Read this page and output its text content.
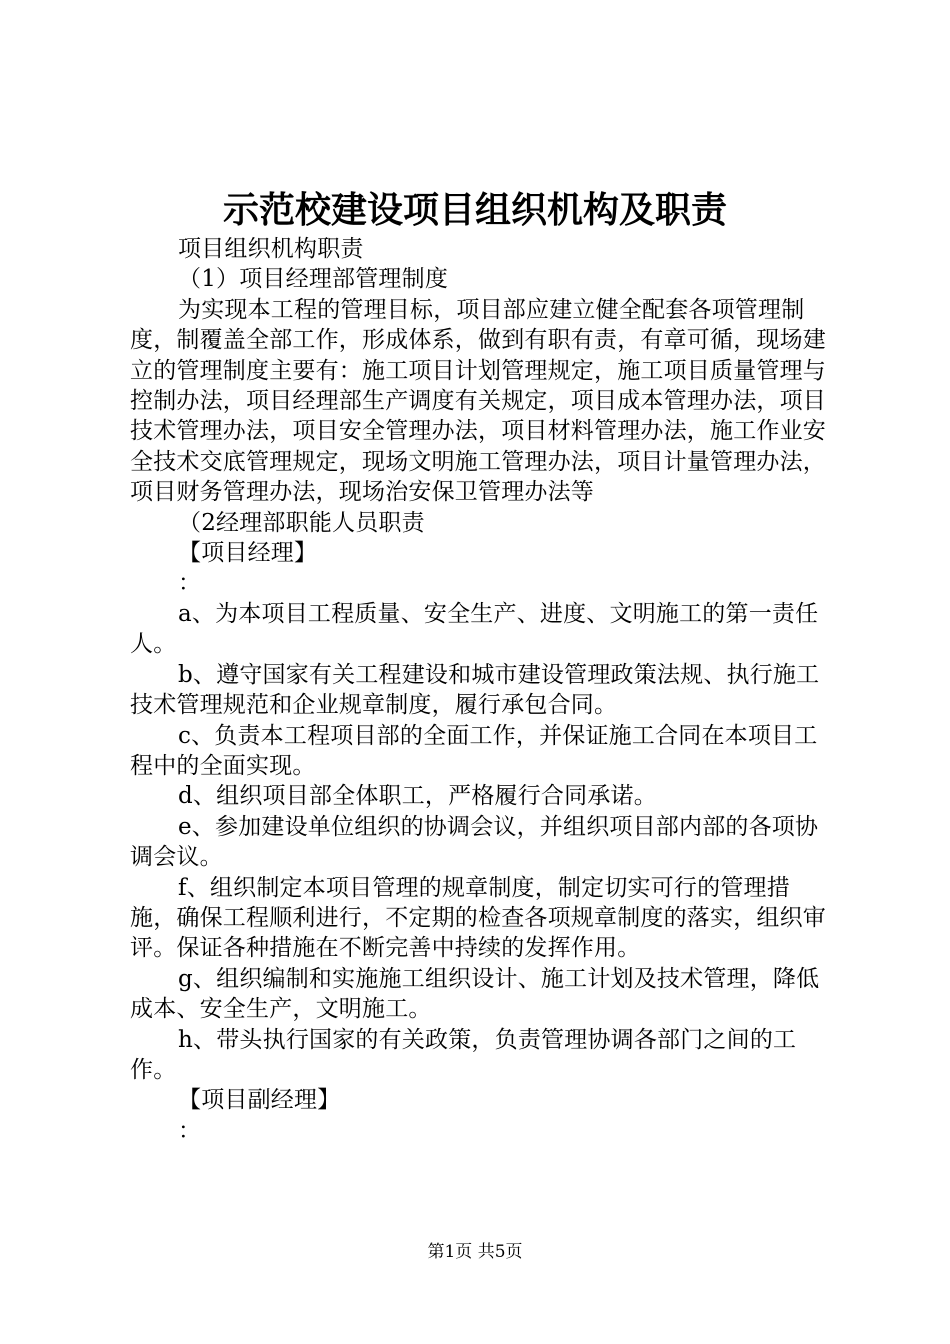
示范校建设项目组织机构及职责

项目组织机构职责

（1）项目经理部管理制度

为实现本工程的管理目标，项目部应建立健全配套各项管理制度，制覆盖全部工作，形成体系，做到有职有责，有章可循，现场建立的管理制度主要有：施工项目计划管理规定，施工项目质量管理与控制办法，项目经理部生产调度有关规定，项目成本管理办法，项目技术管理办法，项目安全管理办法，项目材料管理办法，施工作业安全技术交底管理规定，现场文明施工管理办法，项目计量管理办法，项目财务管理办法，现场治安保卫管理办法等

（2经理部职能人员职责

【项目经理】

：

a、为本项目工程质量、安全生产、进度、文明施工的第一责任人。

b、遵守国家有关工程建设和城市建设管理政策法规、执行施工技术管理规范和企业规章制度，履行承包合同。

c、负责本工程项目部的全面工作，并保证施工合同在本项目工程中的全面实现。

d、组织项目部全体职工，严格履行合同承诺。

e、参加建设单位组织的协调会议，并组织项目部内部的各项协调会议。

f、组织制定本项目管理的规章制度，制定切实可行的管理措施，确保工程顺利进行，不定期的检查各项规章制度的落实，组织审评。保证各种措施在不断完善中持续的发挥作用。

g、组织编制和实施施工组织设计、施工计划及技术管理，降低成本、安全生产，文明施工。

h、带头执行国家的有关政策，负责管理协调各部门之间的工作。

【项目副经理】

：

第1页 共5页
